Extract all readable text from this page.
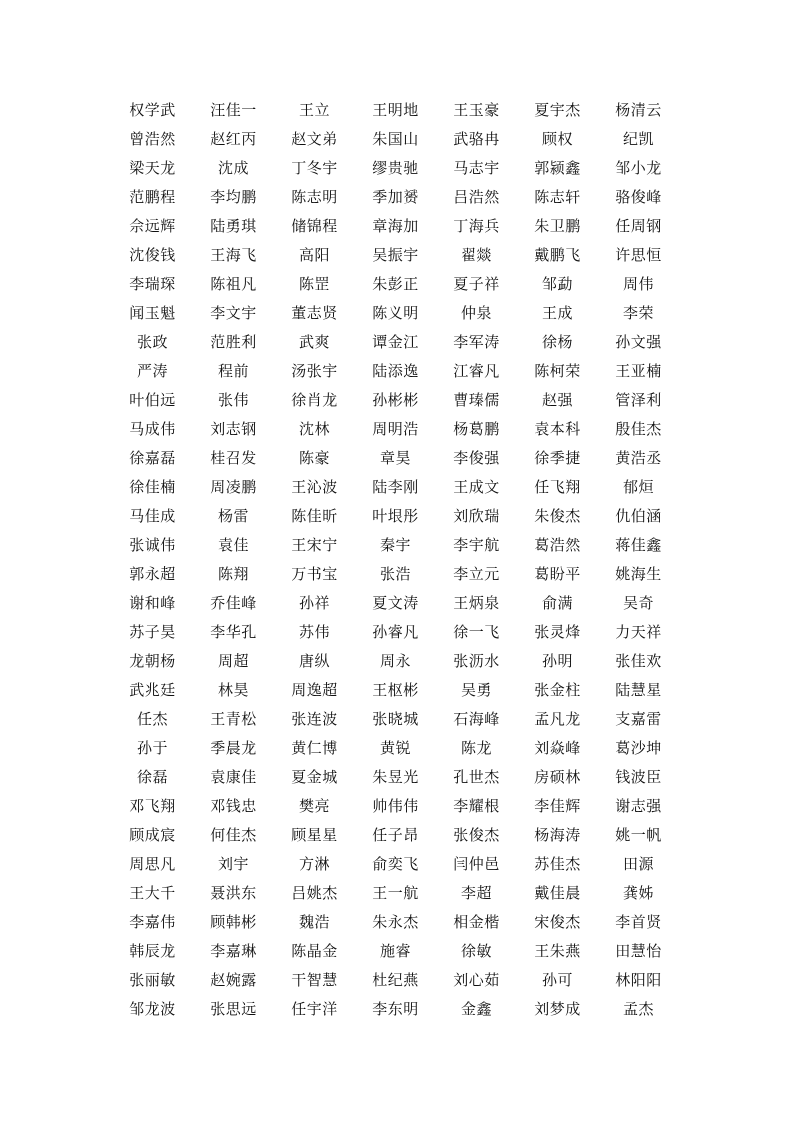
权学武	汪佳一	王立	王明地	王玉豪	夏宇杰	杨清云
曾浩然	赵红丙	赵文弟	朱国山	武骆冉	顾权	纪凯
梁天龙	沈成	丁冬宇	缪贵驰	马志宇	郭颍鑫	邹小龙
范鹏程	李均鹏	陈志明	季加赟	吕浩然	陈志轩	骆俊峰
佘远辉	陆勇琪	储锦程	章海加	丁海兵	朱卫鹏	任周钢
沈俊钱	王海飞	高阳	吴振宇	翟燚	戴鹏飞	许思恒
李瑞琛	陈祖凡	陈罡	朱彭正	夏子祥	邹勐	周伟
闻玉魁	李文宇	董志贤	陈义明	仲泉	王成	李荣
张政	范胜利	武爽	谭金江	李军涛	徐杨	孙文强
严涛	程前	汤张宇	陆添逸	江睿凡	陈柯荣	王亚楠
叶伯远	张伟	徐肖龙	孙彬彬	曹瑧儒	赵强	管泽利
马成伟	刘志钢	沈林	周明浩	杨葛鹏	袁本科	殷佳杰
徐嘉磊	桂召发	陈豪	章昊	李俊强	徐季捷	黄浩丞
徐佳楠	周凌鹏	王沁波	陆李刚	王成文	任飞翔	郁烜
马佳成	杨雷	陈佳昕	叶垠彤	刘欣瑞	朱俊杰	仇伯涵
张诚伟	袁佳	王宋宁	秦宇	李宇航	葛浩然	蒋佳鑫
郭永超	陈翔	万书宝	张浩	李立元	葛盼平	姚海生
谢和峰	乔佳峰	孙祥	夏文涛	王炳泉	俞满	吴奇
苏子昊	李华孔	苏伟	孙睿凡	徐一飞	张灵烽	力天祥
龙朝杨	周超	唐纵	周永	张沥水	孙明	张佳欢
武兆廷	林昊	周逸超	王枢彬	吴勇	张金柱	陆慧星
任杰	王青松	张连波	张晓城	石海峰	孟凡龙	支嘉雷
孙于	季晨龙	黄仁博	黄锐	陈龙	刘焱峰	葛沙坤
徐磊	袁康佳	夏金城	朱昱光	孔世杰	房硕林	钱波臣
邓飞翔	邓钱忠	樊亮	帅伟伟	李耀根	李佳辉	谢志强
顾成宸	何佳杰	顾星星	任子昂	张俊杰	杨海涛	姚一帆
周思凡	刘宇	方淋	俞奕飞	闫仲邑	苏佳杰	田源
王大千	聂洪东	吕姚杰	王一航	李超	戴佳晨	龚姊
李嘉伟	顾韩彬	魏浩	朱永杰	相金楷	宋俊杰	李首贤
韩辰龙	李嘉琳	陈晶金	施睿	徐敏	王朱燕	田慧怡
张丽敏	赵婉露	干智慧	杜纪燕	刘心茹	孙可	林阳阳
邹龙波	张思远	任宇洋	李东明	金鑫	刘梦成	孟杰
